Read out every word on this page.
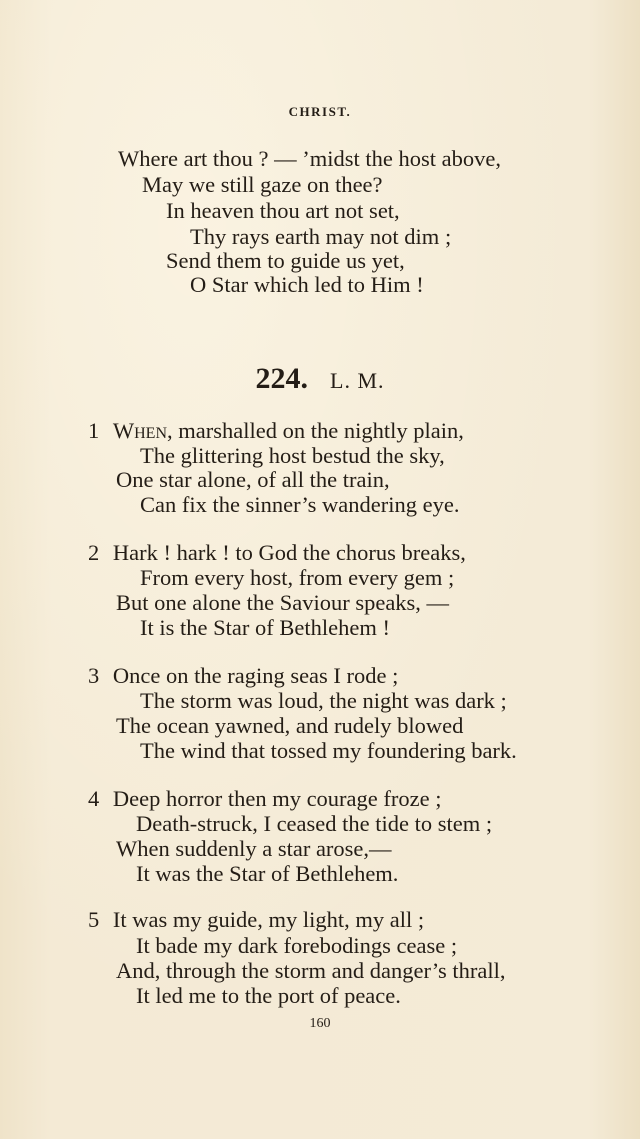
CHRIST.
Where art thou ? — ’midst the host above,
May we still gaze on thee?
In heaven thou art not set,
Thy rays earth may not dim ;
Send them to guide us yet,
O Star which led to Him !
224. L. M.
1 When, marshalled on the nightly plain,
The glittering host bestud the sky,
One star alone, of all the train,
Can fix the sinner’s wandering eye.
2 Hark ! hark ! to God the chorus breaks,
From every host, from every gem ;
But one alone the Saviour speaks, —
It is the Star of Bethlehem !
3 Once on the raging seas I rode ;
The storm was loud, the night was dark ;
The ocean yawned, and rudely blowed
The wind that tossed my foundering bark.
4 Deep horror then my courage froze ;
Death-struck, I ceased the tide to stem ;
When suddenly a star arose,—
It was the Star of Bethlehem.
5 It was my guide, my light, my all ;
It bade my dark forebodings cease ;
And, through the storm and danger’s thrall,
It led me to the port of peace.
160
